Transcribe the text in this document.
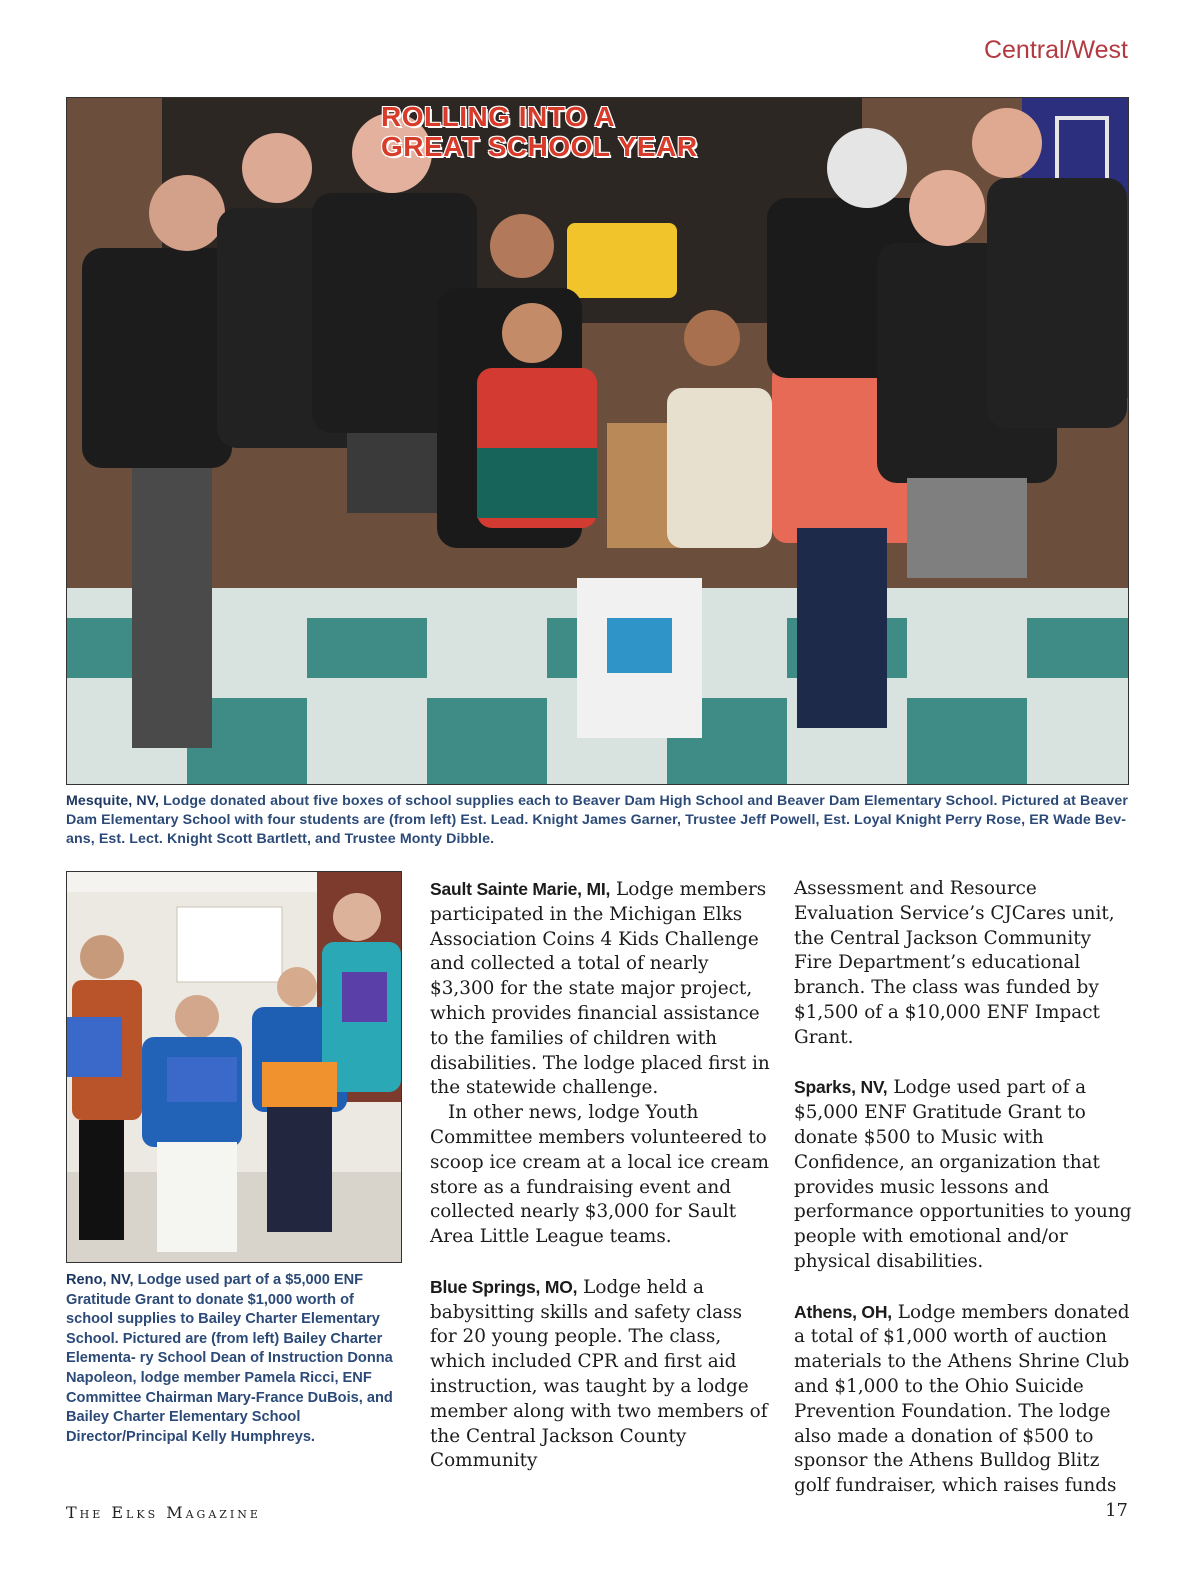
Central/West
ROLLING INTO A
GREAT SCHOOL YEAR
Mesquite, NV, Lodge donated about five boxes of school supplies each to Beaver Dam High School and Beaver Dam Elementary School. Pictured at Beaver Dam Elementary School with four students are (from left) Est. Lead. Knight James Garner, Trustee Jeff Powell, Est. Loyal Knight Perry Rose, ER Wade Bev- ans, Est. Lect. Knight Scott Bartlett, and Trustee Monty Dibble.
Reno, NV, Lodge used part of a $5,000 ENF Gratitude Grant to donate $1,000 worth of school supplies to Bailey Charter Elementary School. Pictured are (from left) Bailey Charter Elementa- ry School Dean of Instruction Donna Napoleon, lodge member Pamela Ricci, ENF Committee Chairman Mary-France DuBois, and Bailey Charter Elementary School Director/Principal Kelly Humphreys.

Sault Sainte Marie, MI, Lodge members participated in the Michigan Elks Association Coins 4 Kids Challenge and collected a total of nearly $3,300 for the state major project, which provides financial assistance to the families of children with disabilities. The lodge placed first in the statewide challenge.

In other news, lodge Youth Committee members volunteered to scoop ice cream at a local ice cream store as a fundraising event and collected nearly $3,000 for Sault Area Little League teams.

Blue Springs, MO, Lodge held a babysitting skills and safety class for 20 young people. The class, which included CPR and first aid instruction, was taught by a lodge member along with two members of the Central Jackson County Community

Assessment and Resource Evaluation Service’s CJCares unit, the Central Jackson Community Fire Department’s educational branch. The class was funded by $1,500 of a $10,000 ENF Impact Grant.

Sparks, NV, Lodge used part of a $5,000 ENF Gratitude Grant to donate $500 to Music with Confidence, an organization that provides music lessons and performance opportunities to young people with emotional and/or physical disabilities.

Athens, OH, Lodge members donated a total of $1,000 worth of auction materials to the Athens Shrine Club and $1,000 to the Ohio Suicide Prevention Foundation. The lodge also made a donation of $500 to sponsor the Athens Bulldog Blitz golf fundraiser, which raises funds

The Elks Magazine	17
